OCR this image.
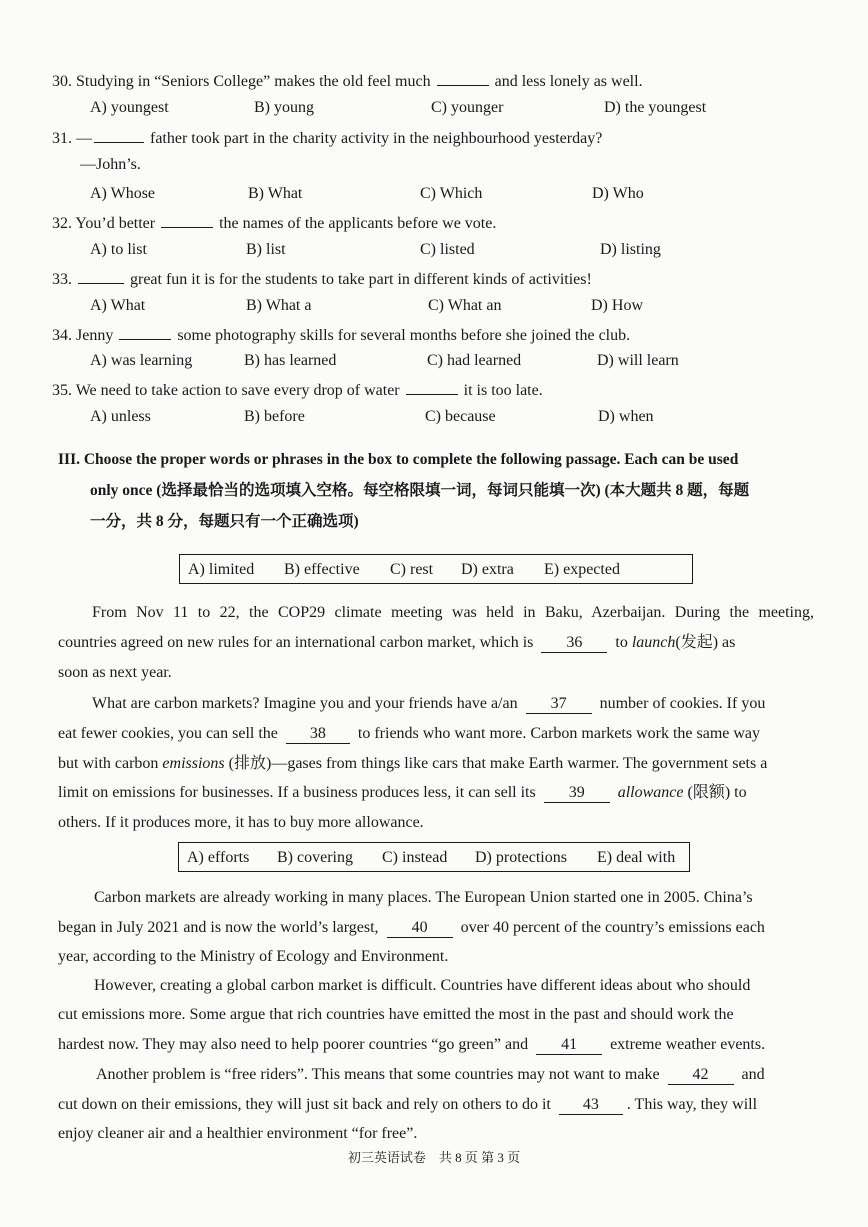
30. Studying in “Seniors College” makes the old feel much	and less lonely as well.
A) youngest	B) young	C) younger	D) the youngest
31. —	father took part in the charity activity in the neighbourhood yesterday?
—John’s.
A) Whose	B) What	C) Which	D) Who
32. You’d better	the names of the applicants before we vote.
A) to list	B) list	C) listed	D) listing
33.	great fun it is for the students to take part in different kinds of activities!
A) What	B) What a	C) What an	D) How
34. Jenny	some photography skills for several months before she joined the club.
A) was learning	B) has learned	C) had learned	D) will learn
35. We need to take action to save every drop of water	it is too late.
A) unless	B) before	C) because	D) when
III. Choose the proper words or phrases in the box to complete the following passage. Each can be used
only once (选择最恰当的选项填入空格。每空格限填一词，每词只能填一次) (本大题共 8 题，每题
一分，共 8 分，每题只有一个正确选项)
A) limited B) effective C) rest D) extra E) expected
From Nov 11 to 22, the COP29 climate meeting was held in Baku, Azerbaijan. During the meeting,
countries agreed on new rules for an international carbon market, which is 36 to launch(发起) as
soon as next year.
What are carbon markets? Imagine you and your friends have a/an 37 number of cookies. If you
eat fewer cookies, you can sell the 38 to friends who want more. Carbon markets work the same way
but with carbon emissions (排放)—gases from things like cars that make Earth warmer. The government sets a
limit on emissions for businesses. If a business produces less, it can sell its 39 allowance (限额) to
others. If it produces more, it has to buy more allowance.
A) efforts B) covering C) instead D) protections E) deal with
Carbon markets are already working in many places. The European Union started one in 2005. China’s
began in July 2021 and is now the world’s largest, 40 over 40 percent of the country’s emissions each
year, according to the Ministry of Ecology and Environment.
However, creating a global carbon market is difficult. Countries have different ideas about who should
cut emissions more. Some argue that rich countries have emitted the most in the past and should work the
hardest now. They may also need to help poorer countries “go green” and 41 extreme weather events.
Another problem is “free riders”. This means that some countries may not want to make 42 and
cut down on their emissions, they will just sit back and rely on others to do it 43 . This way, they will
enjoy cleaner air and a healthier environment “for free”.
初三英语试卷　共 8 页 第 3 页
